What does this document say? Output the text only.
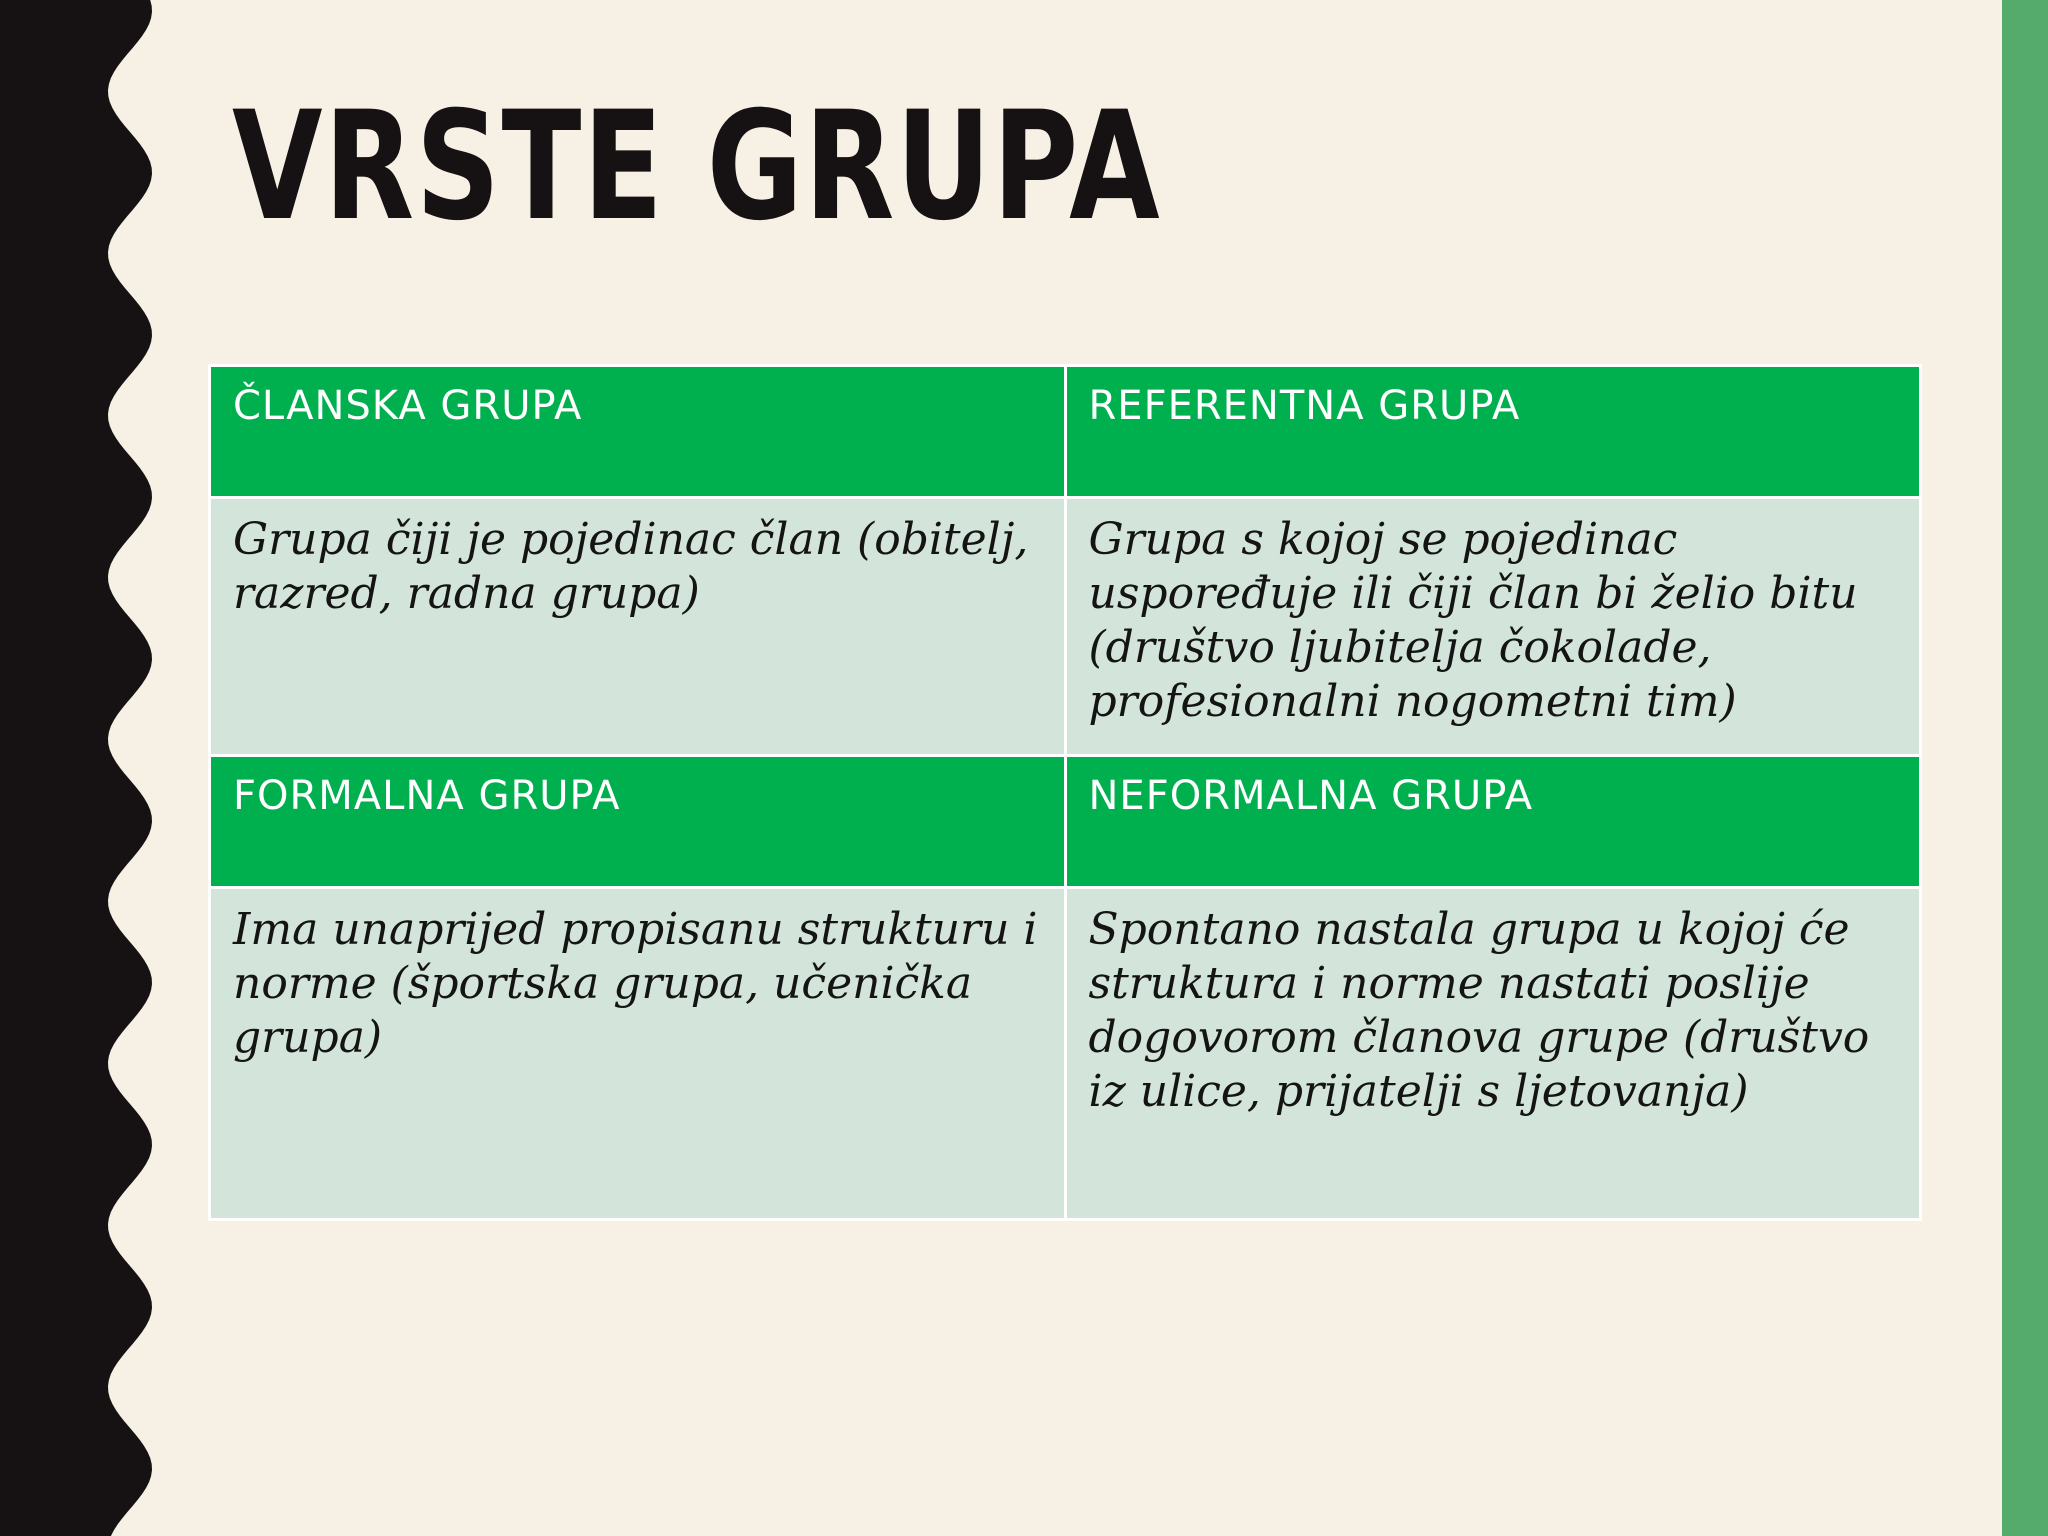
VRSTE GRUPA
ČLANSKA GRUPA	REFERENTNA GRUPA
Grupa čiji je pojedinac član (obitelj, razred, radna grupa)	Grupa s kojoj se pojedinac uspoređuje ili čiji član bi želio bitu (društvo ljubitelja čokolade, profesionalni nogometni tim)
FORMALNA GRUPA	NEFORMALNA GRUPA
Ima unaprijed propisanu strukturu i norme (športska grupa, učenička grupa)	Spontano nastala grupa u kojoj će struktura i norme nastati poslije dogovorom članova grupe (društvo iz ulice, prijatelji s ljetovanja)
